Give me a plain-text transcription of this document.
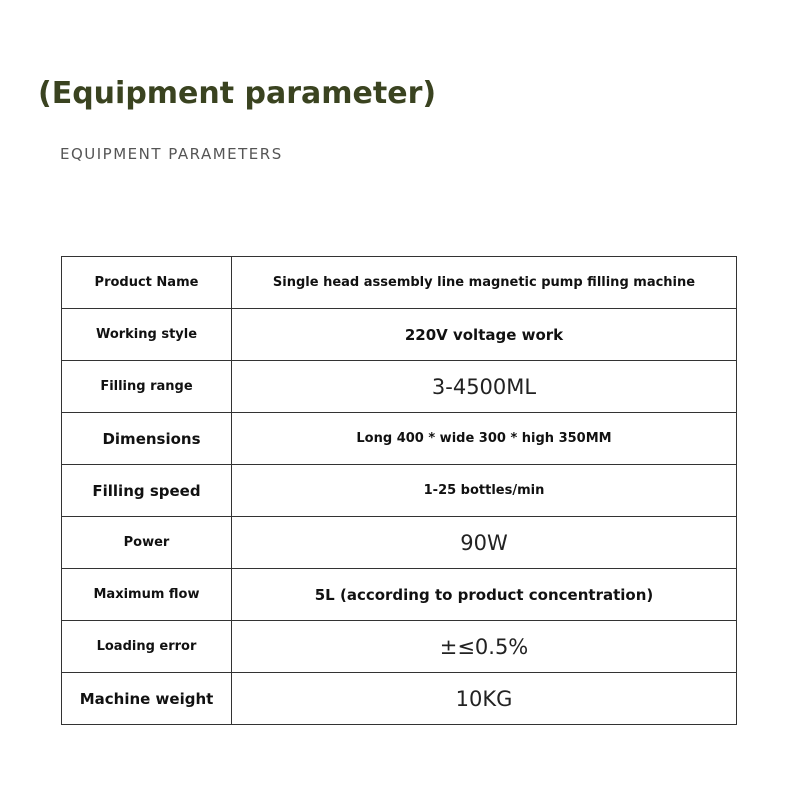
(Equipment parameter)
EQUIPMENT PARAMETERS
Product Name	Single head assembly line magnetic pump filling machine
Working style	220V voltage work
Filling range	3-4500ML
Dimensions	Long 400 * wide 300 * high 350MM
Filling speed	1-25 bottles/min
Power	90W
Maximum flow	5L (according to product concentration)
Loading error	±≤0.5%
Machine weight	10KG
